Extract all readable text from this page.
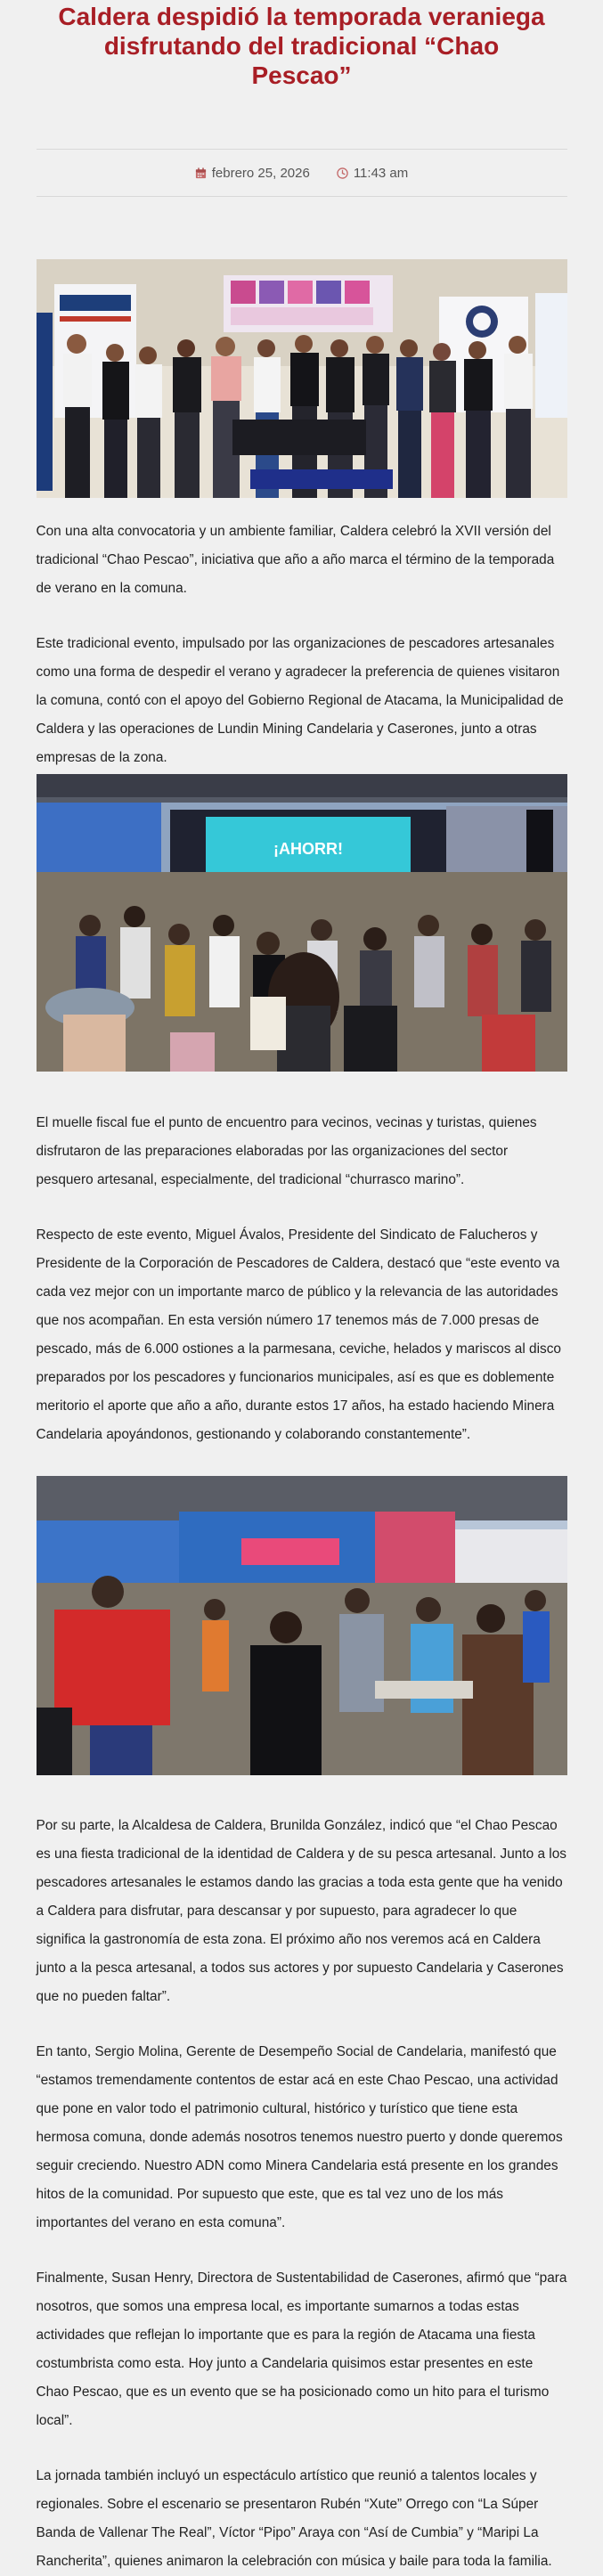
Caldera despidió la temporada veraniega disfrutando del tradicional “Chao Pescao”
febrero 25, 2026	11:43 am

Con una alta convocatoria y un ambiente familiar, Caldera celebró la XVII versión del tradicional “Chao Pescao”, iniciativa que año a año marca el término de la temporada de verano en la comuna.

Este tradicional evento, impulsado por las organizaciones de pescadores artesanales como una forma de despedir el verano y agradecer la preferencia de quienes visitaron la comuna, contó con el apoyo del Gobierno Regional de Atacama, la Municipalidad de Caldera y las operaciones de Lundin Mining Candelaria y Caserones, junto a otras empresas de la zona.

¡AHORR!

El muelle fiscal fue el punto de encuentro para vecinos, vecinas y turistas, quienes disfrutaron de las preparaciones elaboradas por las organizaciones del sector pesquero artesanal, especialmente, del tradicional “churrasco marino”.

Respecto de este evento, Miguel Ávalos, Presidente del Sindicato de Falucheros y Presidente de la Corporación de Pescadores de Caldera, destacó que “este evento va cada vez mejor con un importante marco de público y la relevancia de las autoridades que nos acompañan. En esta versión número 17 tenemos más de 7.000 presas de pescado, más de 6.000 ostiones a la parmesana, ceviche, helados y mariscos al disco preparados por los pescadores y funcionarios municipales, así es que es doblemente meritorio el aporte que año a año, durante estos 17 años, ha estado haciendo Minera Candelaria apoyándonos, gestionando y colaborando constantemente”.

Por su parte, la Alcaldesa de Caldera, Brunilda González, indicó que “el Chao Pescao es una fiesta tradicional de la identidad de Caldera y de su pesca artesanal. Junto a los pescadores artesanales le estamos dando las gracias a toda esta gente que ha venido a Caldera para disfrutar, para descansar y por supuesto, para agradecer lo que significa la gastronomía de esta zona. El próximo año nos veremos acá en Caldera junto a la pesca artesanal, a todos sus actores y por supuesto Candelaria y Caserones que no pueden faltar”.

En tanto, Sergio Molina, Gerente de Desempeño Social de Candelaria, manifestó que “estamos tremendamente contentos de estar acá en este Chao Pescao, una actividad que pone en valor todo el patrimonio cultural, histórico y turístico que tiene esta hermosa comuna, donde además nosotros tenemos nuestro puerto y donde queremos seguir creciendo. Nuestro ADN como Minera Candelaria está presente en los grandes hitos de la comunidad. Por supuesto que este, que es tal vez uno de los más importantes del verano en esta comuna”.

Finalmente, Susan Henry, Directora de Sustentabilidad de Caserones, afirmó que “para nosotros, que somos una empresa local, es importante sumarnos a todas estas actividades que reflejan lo importante que es para la región de Atacama una fiesta costumbrista como esta. Hoy junto a Candelaria quisimos estar presentes en este Chao Pescao, que es un evento que se ha posicionado como un hito para el turismo local”.

La jornada también incluyó un espectáculo artístico que reunió a talentos locales y regionales. Sobre el escenario se presentaron Rubén “Xute” Orrego con “La Súper Banda de Vallenar The Real”, Víctor “Pipo” Araya con “Así de Cumbia” y “Maripi La Rancherita”, quienes animaron la celebración con música y baile para toda la familia.
